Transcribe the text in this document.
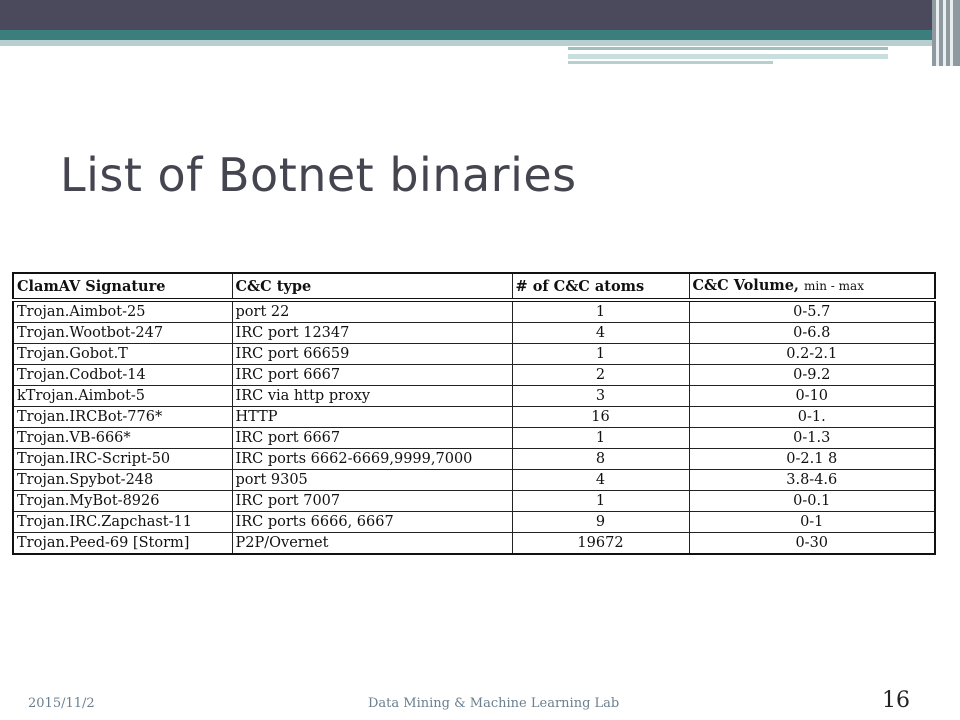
List of Botnet binaries
ClamAV Signature	C&C type	# of C&C atoms	C&C Volume, min - max
Trojan.Aimbot-25	port 22	1	0-5.7
Trojan.Wootbot-247	IRC port 12347	4	0-6.8
Trojan.Gobot.T	IRC port 66659	1	0.2-2.1
Trojan.Codbot-14	IRC port 6667	2	0-9.2
kTrojan.Aimbot-5	IRC via http proxy	3	0-10
Trojan.IRCBot-776*	HTTP	16	0-1.
Trojan.VB-666*	IRC port 6667	1	0-1.3
Trojan.IRC-Script-50	IRC ports 6662-6669,9999,7000	8	0-2.1 8
Trojan.Spybot-248	port 9305	4	3.8-4.6
Trojan.MyBot-8926	IRC port 7007	1	0-0.1
Trojan.IRC.Zapchast-11	IRC ports 6666, 6667	9	0-1
Trojan.Peed-69 [Storm]	P2P/Overnet	19672	0-30
2015/11/2	Data Mining & Machine Learning Lab	16
